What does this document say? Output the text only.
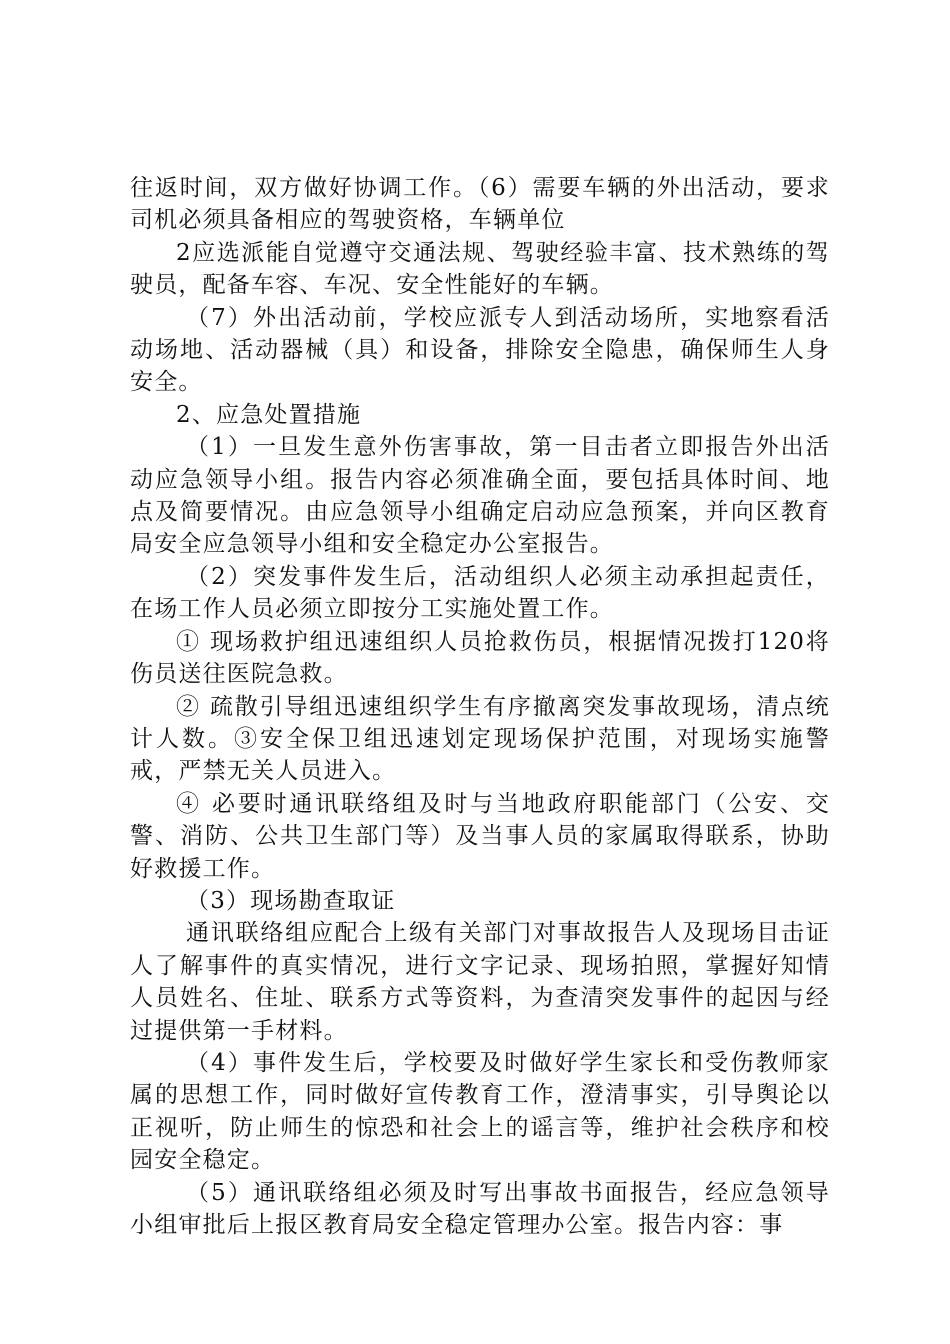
往返时间，双方做好协调工作。（6）需要车辆的外出活动，要求司机必须具备相应的驾驶资格，车辆单位

2应选派能自觉遵守交通法规、驾驶经验丰富、技术熟练的驾驶员，配备车容、车况、安全性能好的车辆。

（7）外出活动前，学校应派专人到活动场所，实地察看活动场地、活动器械（具）和设备，排除安全隐患，确保师生人身安全。

2、应急处置措施

（1）一旦发生意外伤害事故，第一目击者立即报告外出活动应急领导小组。报告内容必须准确全面，要包括具体时间、地点及简要情况。由应急领导小组确定启动应急预案，并向区教育局安全应急领导小组和安全稳定办公室报告。

（2）突发事件发生后，活动组织人必须主动承担起责任，在场工作人员必须立即按分工实施处置工作。

① 现场救护组迅速组织人员抢救伤员，根据情况拨打120将伤员送往医院急救。

② 疏散引导组迅速组织学生有序撤离突发事故现场，清点统计人数。③安全保卫组迅速划定现场保护范围，对现场实施警戒，严禁无关人员进入。

④ 必要时通讯联络组及时与当地政府职能部门（公安、交警、消防、公共卫生部门等）及当事人员的家属取得联系，协助好救援工作。

（3）现场勘查取证

通讯联络组应配合上级有关部门对事故报告人及现场目击证人了解事件的真实情况，进行文字记录、现场拍照，掌握好知情人员姓名、住址、联系方式等资料，为查清突发事件的起因与经过提供第一手材料。

（4）事件发生后，学校要及时做好学生家长和受伤教师家属的思想工作，同时做好宣传教育工作，澄清事实，引导舆论以正视听，防止师生的惊恐和社会上的谣言等，维护社会秩序和校园安全稳定。

（5）通讯联络组必须及时写出事故书面报告，经应急领导小组审批后上报区教育局安全稳定管理办公室。报告内容：事
